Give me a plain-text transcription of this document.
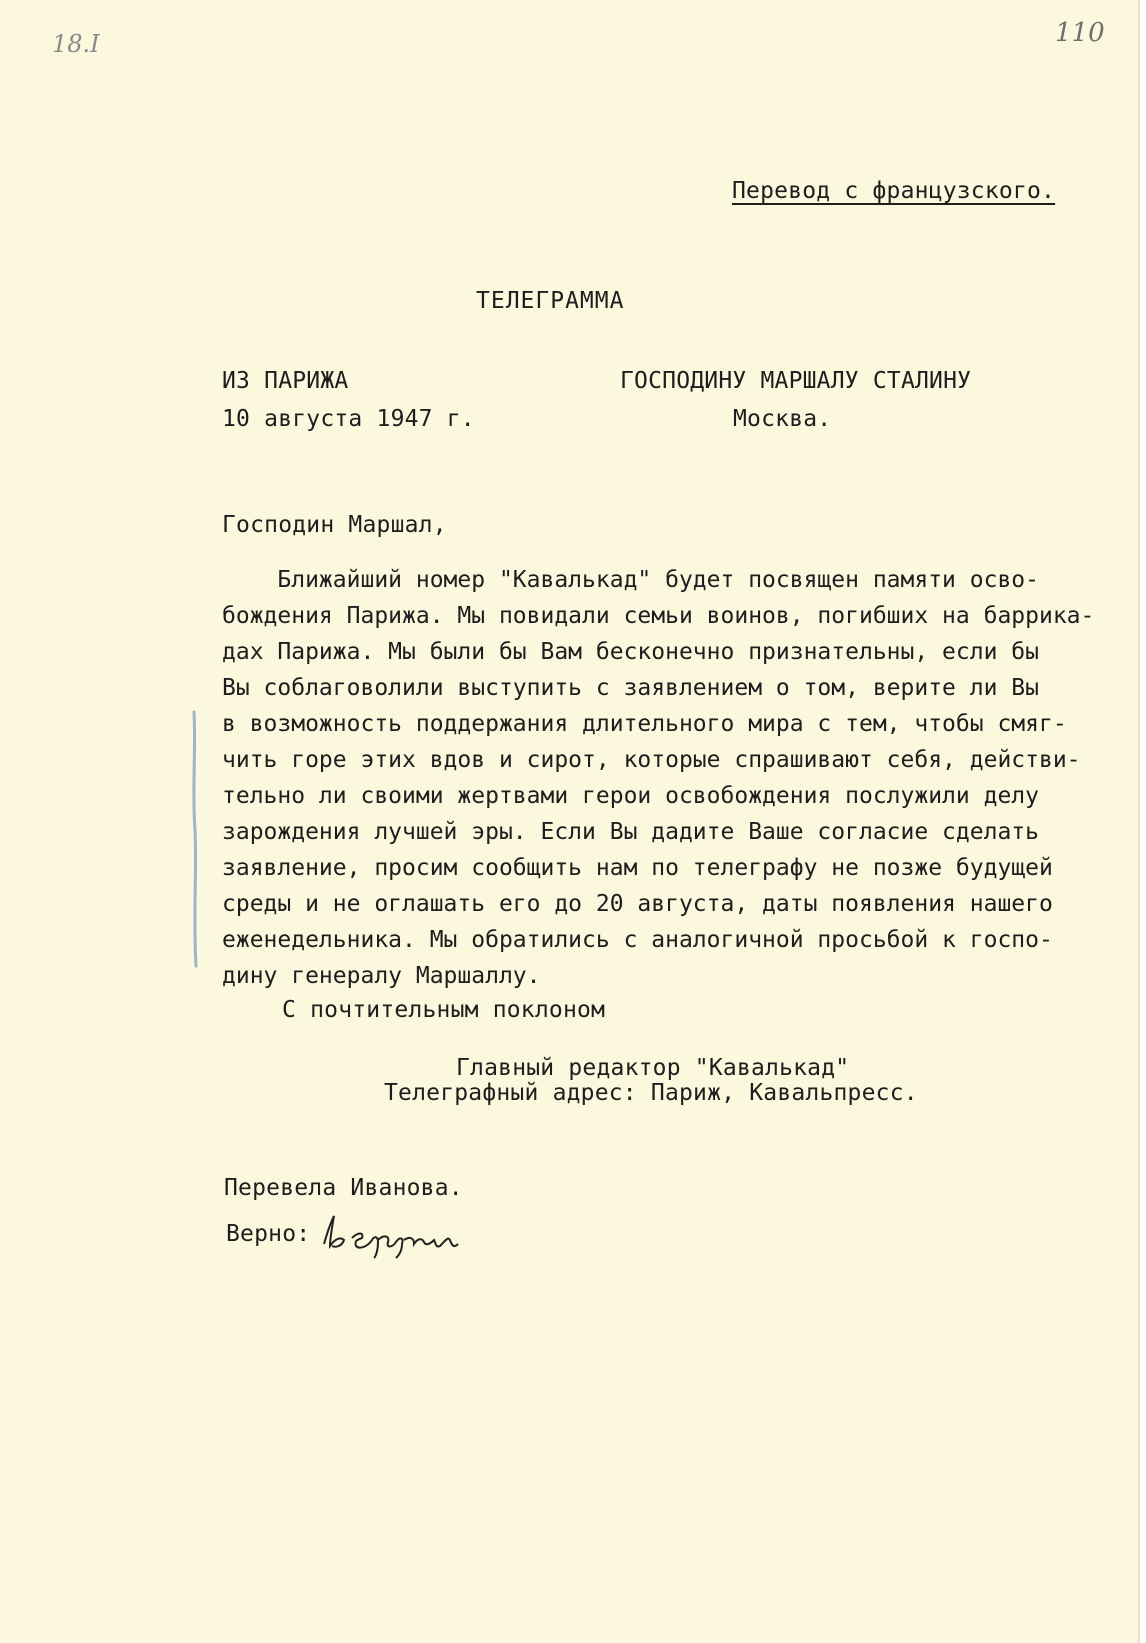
18.I	110
Перевод с французского.
ТЕЛЕГРАММА
ИЗ ПАРИЖА
10 августа 1947 г.
ГОСПОДИНУ МАРШАЛУ СТАЛИНУ
Москва.
Господин Маршал,
Ближайший номер "Кавалькад" будет посвящен памяти осво-
бождения Парижа. Мы повидали семьи воинов, погибших на баррика-
дах Парижа. Мы были бы Вам бесконечно признательны, если бы
Вы соблаговолили выступить с заявлением о том, верите ли Вы
в возможность поддержания длительного мира с тем, чтобы смяг-
чить горе этих вдов и сирот, которые спрашивают себя, действи-
тельно ли своими жертвами герои освобождения послужили делу
зарождения лучшей эры. Если Вы дадите Ваше согласие сделать
заявление, просим сообщить нам по телеграфу не позже будущей
среды и не оглашать его до 20 августа, даты появления нашего
еженедельника. Мы обратились с аналогичной просьбой к госпо-
дину генералу Маршаллу.
С почтительным поклоном
Главный редактор "Кавалькад"
Телеграфный адрес: Париж, Кавальпресс.
Перевела Иванова.
Верно:
